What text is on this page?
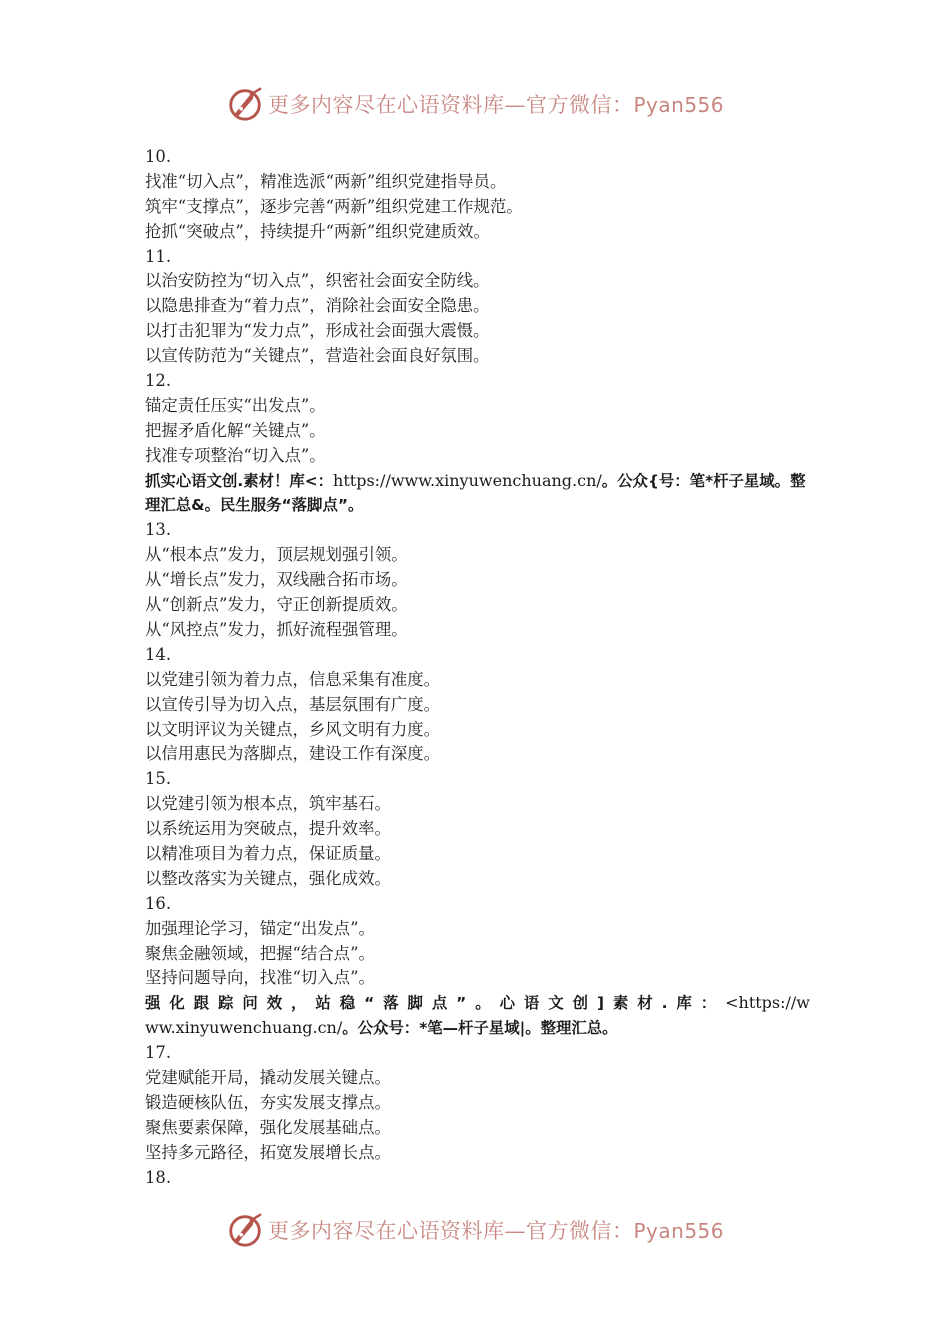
更多内容尽在心语资料库—官方微信：Pyan556
10.
找准“切入点”，精准选派“两新”组织党建指导员。
筑牢“支撑点”，逐步完善“两新”组织党建工作规范。
抢抓“突破点”，持续提升“两新”组织党建质效。
11.
以治安防控为“切入点”，织密社会面安全防线。
以隐患排查为“着力点”，消除社会面安全隐患。
以打击犯罪为“发力点”，形成社会面强大震慑。
以宣传防范为“关键点”，营造社会面良好氛围。
12.
锚定责任压实“出发点”。
把握矛盾化解“关键点”。
找准专项整治“切入点”。
抓实心语文创.素材！库<：https://www.xinyuwenchuang.cn/。公众{号：笔*杆子星域。整理汇总&。民生服务“落脚点”。
13.
从“根本点”发力，顶层规划强引领。
从“增长点”发力，双线融合拓市场。
从“创新点”发力，守正创新提质效。
从“风控点”发力，抓好流程强管理。
14.
以党建引领为着力点，信息采集有准度。
以宣传引导为切入点，基层氛围有广度。
以文明评议为关键点，乡风文明有力度。
以信用惠民为落脚点，建设工作有深度。
15.
以党建引领为根本点，筑牢基石。
以系统运用为突破点，提升效率。
以精准项目为着力点，保证质量。
以整改落实为关键点，强化成效。
16.
加强理论学习，锚定“出发点”。
聚焦金融领域，把握“结合点”。
坚持问题导向，找准“切入点”。
强化跟踪问效，站稳“落脚点”。心语文创]素材.库：<https://www.xinyuwenchuang.cn/。公众号：*笔—杆子星域|。整理汇总。
17.
党建赋能开局，撬动发展关键点。
锻造硬核队伍，夯实发展支撑点。
聚焦要素保障，强化发展基础点。
坚持多元路径，拓宽发展增长点。
18.
更多内容尽在心语资料库—官方微信：Pyan556
